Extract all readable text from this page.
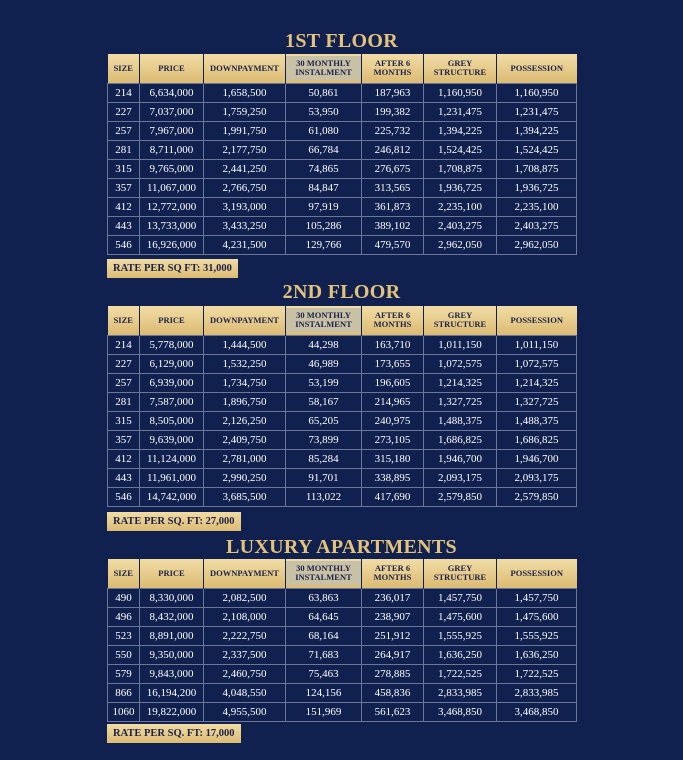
1ST FLOOR
SIZE	PRICE	DOWNPAYMENT	30 MONTHLY INSTALMENT	AFTER 6 MONTHS	GREY STRUCTURE	POSSESSION
214	6,634,000	1,658,500	50,861	187,963	1,160,950	1,160,950
227	7,037,000	1,759,250	53,950	199,382	1,231,475	1,231,475
257	7,967,000	1,991,750	61,080	225,732	1,394,225	1,394,225
281	8,711,000	2,177,750	66,784	246,812	1,524,425	1,524,425
315	9,765,000	2,441,250	74,865	276,675	1,708,875	1,708,875
357	11,067,000	2,766,750	84,847	313,565	1,936,725	1,936,725
412	12,772,000	3,193,000	97,919	361,873	2,235,100	2,235,100
443	13,733,000	3,433,250	105,286	389,102	2,403,275	2,403,275
546	16,926,000	4,231,500	129,766	479,570	2,962,050	2,962,050
RATE PER SQ FT: 31,000
2ND FLOOR
SIZE	PRICE	DOWNPAYMENT	30 MONTHLY INSTALMENT	AFTER 6 MONTHS	GREY STRUCTURE	POSSESSION
214	5,778,000	1,444,500	44,298	163,710	1,011,150	1,011,150
227	6,129,000	1,532,250	46,989	173,655	1,072,575	1,072,575
257	6,939,000	1,734,750	53,199	196,605	1,214,325	1,214,325
281	7,587,000	1,896,750	58,167	214,965	1,327,725	1,327,725
315	8,505,000	2,126,250	65,205	240,975	1,488,375	1,488,375
357	9,639,000	2,409,750	73,899	273,105	1,686,825	1,686,825
412	11,124,000	2,781,000	85,284	315,180	1,946,700	1,946,700
443	11,961,000	2,990,250	91,701	338,895	2,093,175	2,093,175
546	14,742,000	3,685,500	113,022	417,690	2,579,850	2,579,850
RATE PER SQ. FT: 27,000
LUXURY APARTMENTS
SIZE	PRICE	DOWNPAYMENT	30 MONTHLY INSTALMENT	AFTER 6 MONTHS	GREY STRUCTURE	POSSESSION
490	8,330,000	2,082,500	63,863	236,017	1,457,750	1,457,750
496	8,432,000	2,108,000	64,645	238,907	1,475,600	1,475,600
523	8,891,000	2,222,750	68,164	251,912	1,555,925	1,555,925
550	9,350,000	2,337,500	71,683	264,917	1,636,250	1,636,250
579	9,843,000	2,460,750	75,463	278,885	1,722,525	1,722,525
866	16,194,200	4,048,550	124,156	458,836	2,833,985	2,833,985
1060	19,822,000	4,955,500	151,969	561,623	3,468,850	3,468,850
RATE PER SQ. FT: 17,000
